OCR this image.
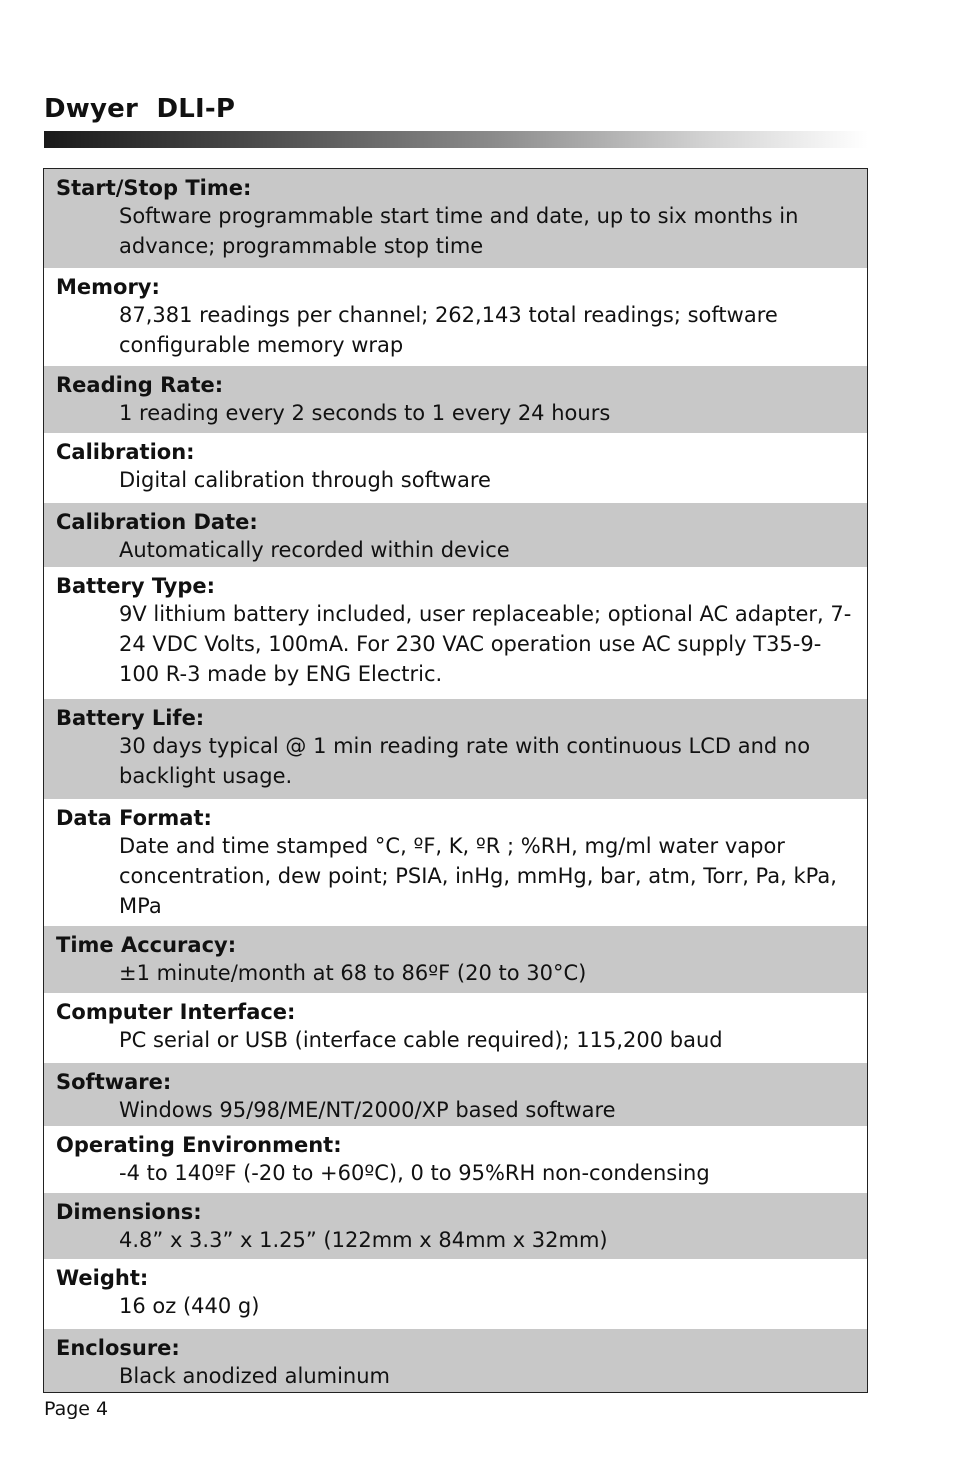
Dwyer  DLI-P
Start/Stop Time:
Software programmable start time and date, up to six months in advance; programmable stop time
Memory:
87,381 readings per channel; 262,143 total readings; software configurable memory wrap
Reading Rate:
1 reading every 2 seconds to 1 every 24 hours
Calibration:
Digital calibration through software
Calibration Date:
Automatically recorded within device
Battery Type:
9V lithium battery included, user replaceable; optional AC adapter, 7-24 VDC Volts, 100mA. For 230 VAC operation use AC supply T35-9-100 R-3 made by ENG Electric.
Battery Life:
30 days typical @ 1 min reading rate with continuous LCD and no backlight usage.
Data Format:
Date and time stamped °C, ºF, K, ºR ; %RH, mg/ml water vapor concentration, dew point; PSIA, inHg, mmHg, bar, atm, Torr, Pa, kPa, MPa
Time Accuracy:
±1 minute/month at 68 to 86ºF (20 to 30°C)
Computer Interface:
PC serial or USB (interface cable required); 115,200 baud
Software:
Windows 95/98/ME/NT/2000/XP based software
Operating Environment:
-4 to 140ºF (-20 to +60ºC), 0 to 95%RH non-condensing
Dimensions:
4.8” x 3.3” x 1.25” (122mm x 84mm x 32mm)
Weight:
16 oz (440 g)
Enclosure:
Black anodized aluminum
Page 4
